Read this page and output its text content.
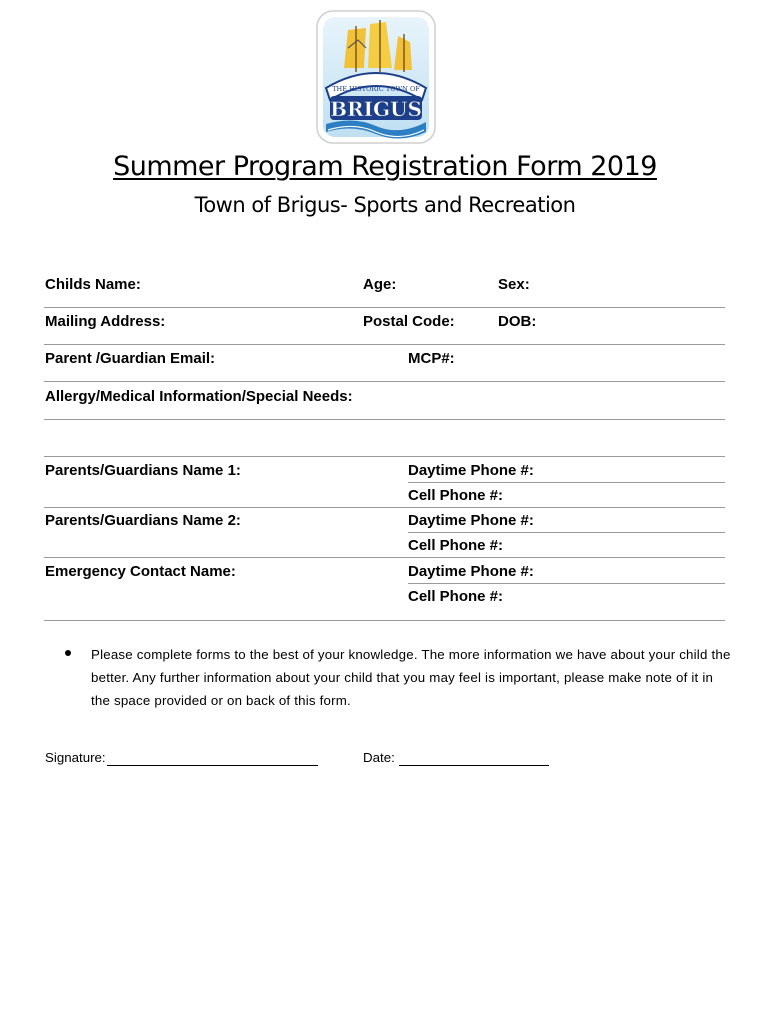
THE HISTORIC TOWN OF
BRIGUS
Summer Program Registration Form 2019
Town of Brigus- Sports and Recreation
Childs Name:	Age:	Sex:
Mailing Address:	Postal Code:	DOB:
Parent /Guardian Email:	MCP#:
Allergy/Medical Information/Special Needs:
Parents/Guardians Name 1:	Daytime Phone #:
Cell Phone #:
Parents/Guardians Name 2:	Daytime Phone #:
Cell Phone #:
Emergency Contact Name:	Daytime Phone #:
Cell Phone #:
Please complete forms to the best of your knowledge. The more information we have about your child the better. Any further information about your child that you may feel is important, please make note of it in the space provided or on back of this form.
Signature:	Date:
